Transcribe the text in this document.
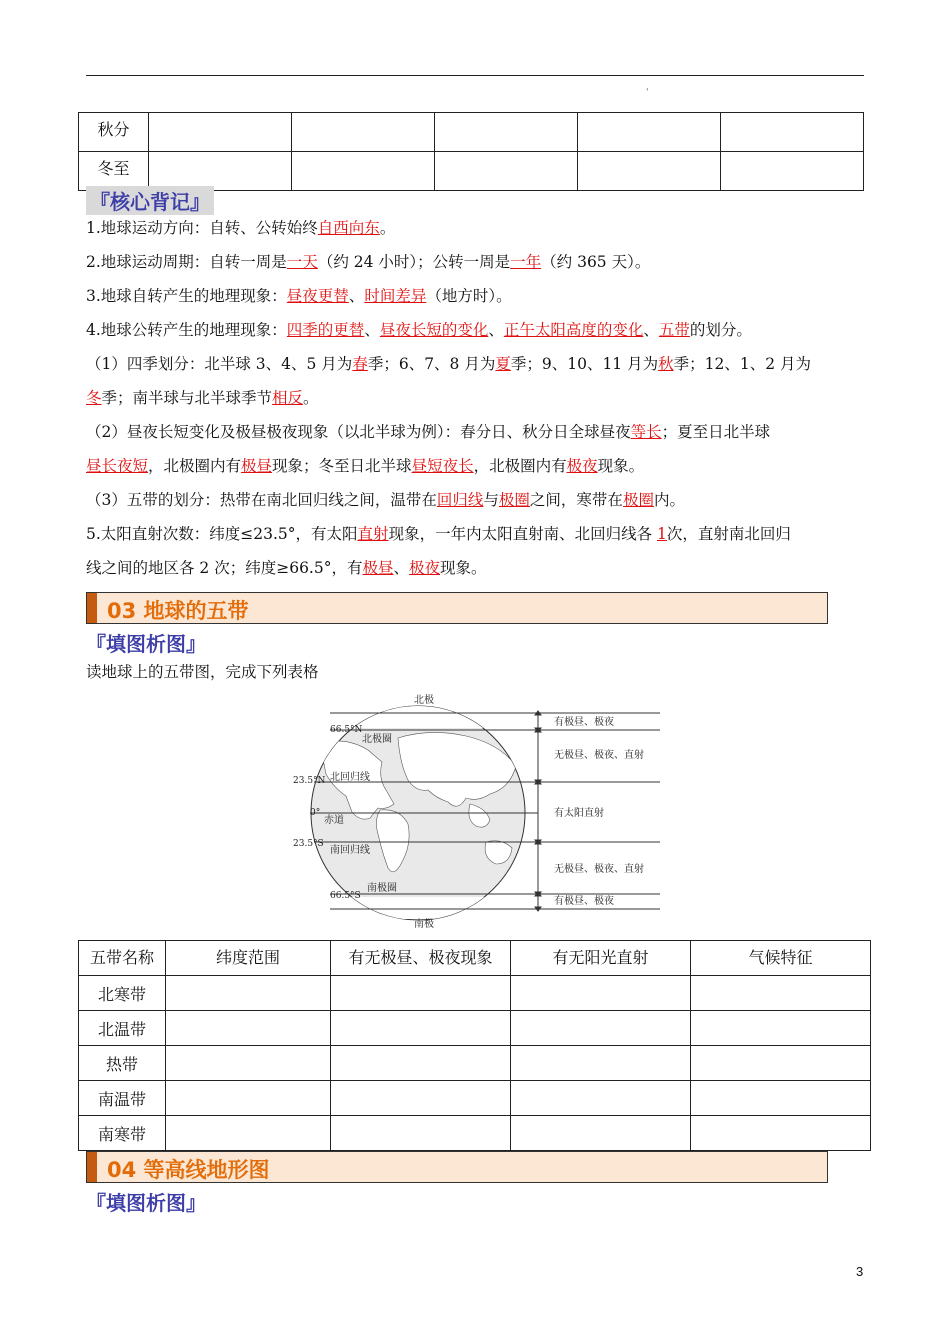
'
秋分					
冬至					
『核心背记』
1.地球运动方向：自转、公转始终自西向东。
2.地球运动周期：自转一周是一天（约 24 小时）；公转一周是一年（约 365 天）。
3.地球自转产生的地理现象：昼夜更替、时间差异（地方时）。
4.地球公转产生的地理现象：四季的更替、昼夜长短的变化、正午太阳高度的变化、五带的划分。
（1）四季划分：北半球 3、4、5 月为春季；6、7、8 月为夏季；9、10、11 月为秋季；12、1、2 月为
冬季；南半球与北半球季节相反。
（2）昼夜长短变化及极昼极夜现象（以北半球为例）：春分日、秋分日全球昼夜等长；夏至日北半球
昼长夜短，北极圈内有极昼现象；冬至日北半球昼短夜长，北极圈内有极夜现象。
（3）五带的划分：热带在南北回归线之间，温带在回归线与极圈之间，寒带在极圈内。
5.太阳直射次数：纬度≤23.5°，有太阳直射现象，一年内太阳直射南、北回归线各 1次，直射南北回归
线之间的地区各 2 次；纬度≥66.5°，有极昼、极夜现象。
03 地球的五带
『填图析图』
读地球上的五带图，完成下列表格
北极
南极
66.5°N
23.5°N
0°
23.5°S
66.5°S
北极圈
北回归线
赤道
南回归线
南极圈
有极昼、极夜
无极昼、极夜、直射
有太阳直射
无极昼、极夜、直射
有极昼、极夜
五带名称	纬度范围	有无极昼、极夜现象	有无阳光直射	气候特征
北寒带				
北温带				
热带				
南温带				
南寒带				
04 等高线地形图
『填图析图』
3
